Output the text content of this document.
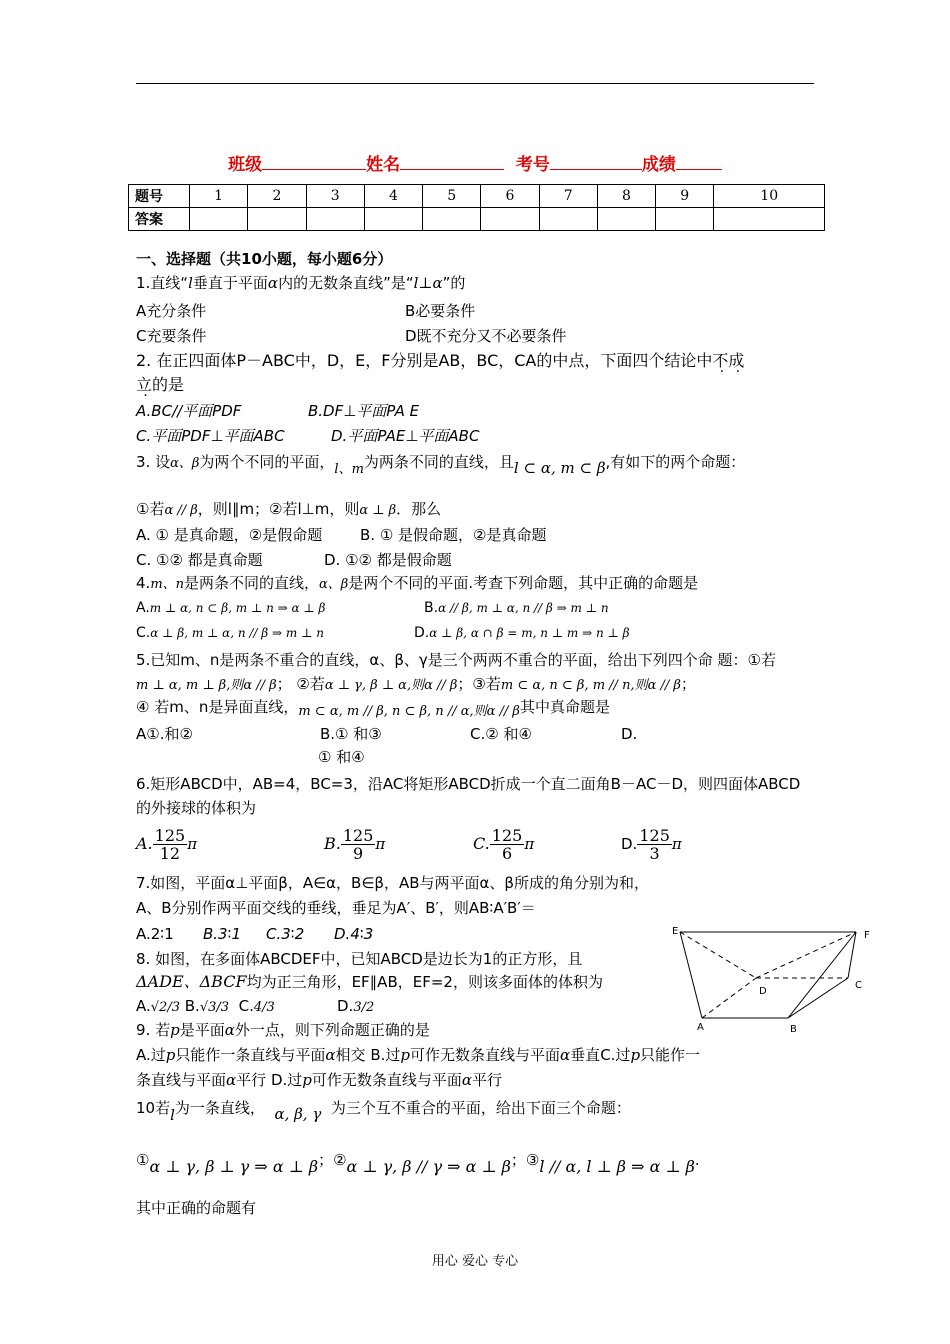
班级	姓名	考号	成绩
题号	1	2	3	4	5	6	7	8	9	10
答案										
一、选择题（共10小题，每小题6分）
1.直线“l垂直于平面α内的无数条直线”是“l⊥α”的
A充分条件	B必要条件
C充要条件	D既不充分又不必要条件
2. 在正四面体P－ABC中，D，E，F分别是AB，BC，CA的中点，下面四个结论中不成
立的是
A.BC//平面PDF	B.DF⊥平面PA E
C.平面PDF⊥平面ABC	D.平面PAE⊥平面ABC
3. 设α、β为两个不同的平面，l、m为两条不同的直线，且l ⊂ α, m ⊂ β,有如下的两个命题：
①若α // β，则l∥m；②若l⊥m，则α ⊥ β．那么
A. ① 是真命题，②是假命题	B. ① 是假命题，②是真命题
C. ①② 都是真命题	D. ①② 都是假命题
4.m、n是两条不同的直线，α、β是两个不同的平面.考查下列命题，其中正确的命题是
A.m ⊥ α, n ⊂ β, m ⊥ n ⇒ α ⊥ β	B.α // β, m ⊥ α, n // β ⇒ m ⊥ n
C.α ⊥ β, m ⊥ α, n // β ⇒ m ⊥ n	D.α ⊥ β, α ∩ β = m, n ⊥ m ⇒ n ⊥ β
5.已知m、n是两条不重合的直线，α、β、γ是三个两两不重合的平面，给出下列四个命 题：①若
m ⊥ α, m ⊥ β,则α // β； ②若α ⊥ γ, β ⊥ α,则α // β；③若m ⊂ α, n ⊂ β, m // n,则α // β；
④ 若m、n是异面直线，m ⊂ α, m // β, n ⊂ β, n // α,则α // β其中真命题是
A①.和②	B.① 和③	C.② 和④	D.
① 和④
6.矩形ABCD中，AB=4，BC=3，沿AC将矩形ABCD折成一个直二面角B－AC－D，则四面体ABCD
的外接球的体积为
A. $\frac{125}{12}$ π	B. $\frac{125}{9}$ π	C. $\frac{125}{6}$ π	D. $\frac{125}{3}$ π
7.如图，平面α⊥平面β，A∈α，B∈β，AB与两平面α、β所成的角分别为和，
A、B分别作两平面交线的垂线，垂足为A′、B′，则AB∶A′B′＝
A.2∶1 B.3∶1 C.3∶2 D.4∶3
8. 如图，在多面体ABCDEF中，已知ABCD是边长为1的正方形，且
ΔADE、ΔBCF均为正三角形，EF∥AB，EF=2，则该多面体的体积为
A.√2/3 B.√3/3 C.4/3	D.3/2
E	F
D
C
A	B
9. 若p是平面α外一点，则下列命题正确的是
A.过p只能作一条直线与平面α相交 B.过p可作无数条直线与平面α垂直C.过p只能作一
条直线与平面α平行 D.过p可作无数条直线与平面α平行
10若l为一条直线， α, β, γ 为三个互不重合的平面，给出下面三个命题：
①α ⊥ γ, β ⊥ γ ⇒ α ⊥ β；②α ⊥ γ, β // γ ⇒ α ⊥ β；③l // α, l ⊥ β ⇒ α ⊥ β.
其中正确的命题有
用心 爱心 专心
